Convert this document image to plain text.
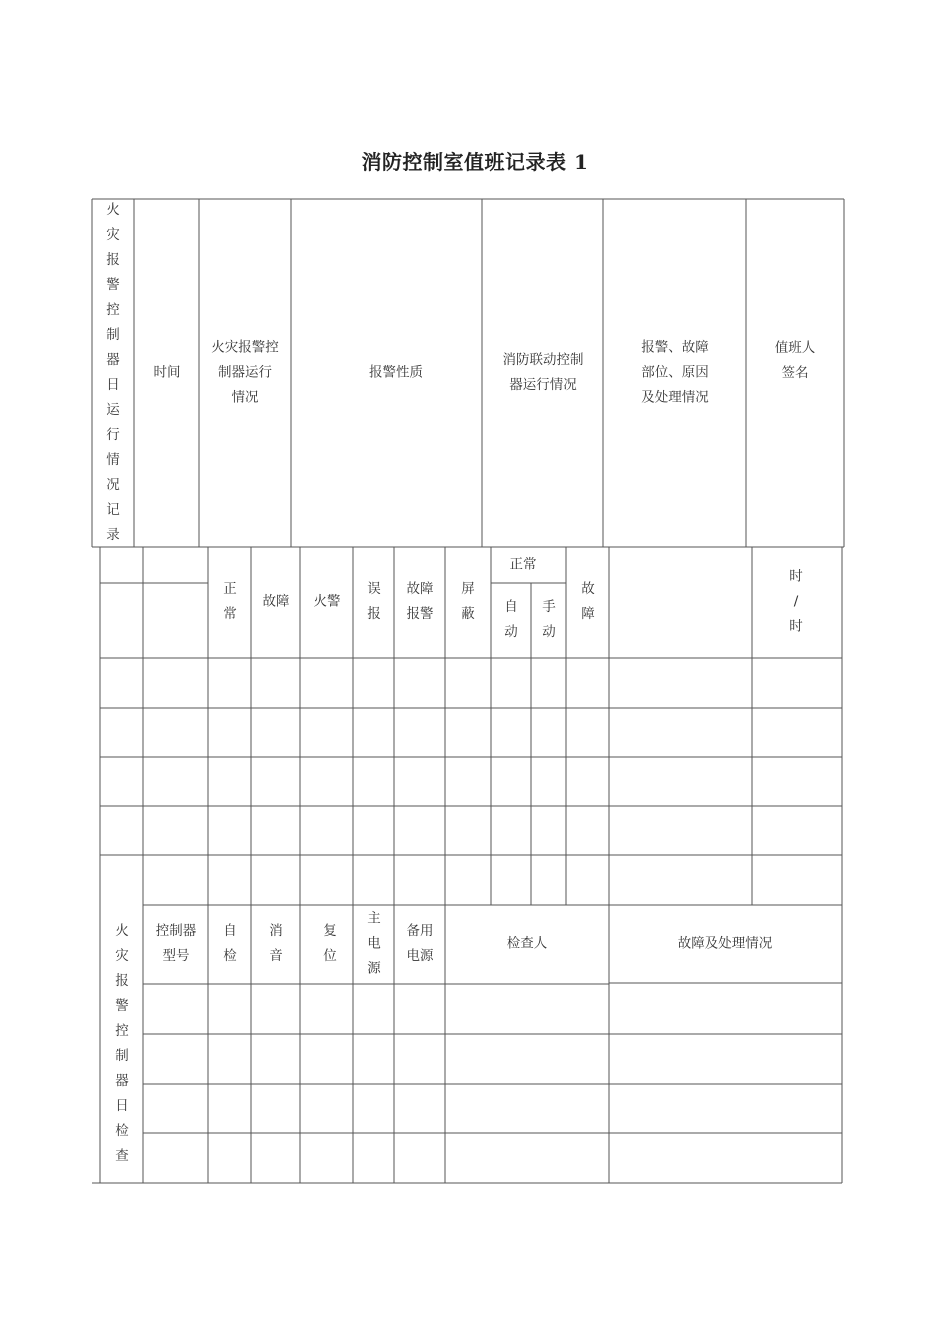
消防控制室值班记录表 1
火灾报警控制器日运行情况记录
时间
火灾报警控
制器运行
情况
报警性质
消防联动控制
器运行情况
报警、故障
部位、原因
及处理情况
值班人
签名
正常
故障 火警
误报
故障
报警
屏蔽
正常
自动
手动
故障
时
/
时
火灾报警控制器日检查
控制器
型号
自检
消音
复位
主电源
备用
电源
检查人	故障及处理情况
